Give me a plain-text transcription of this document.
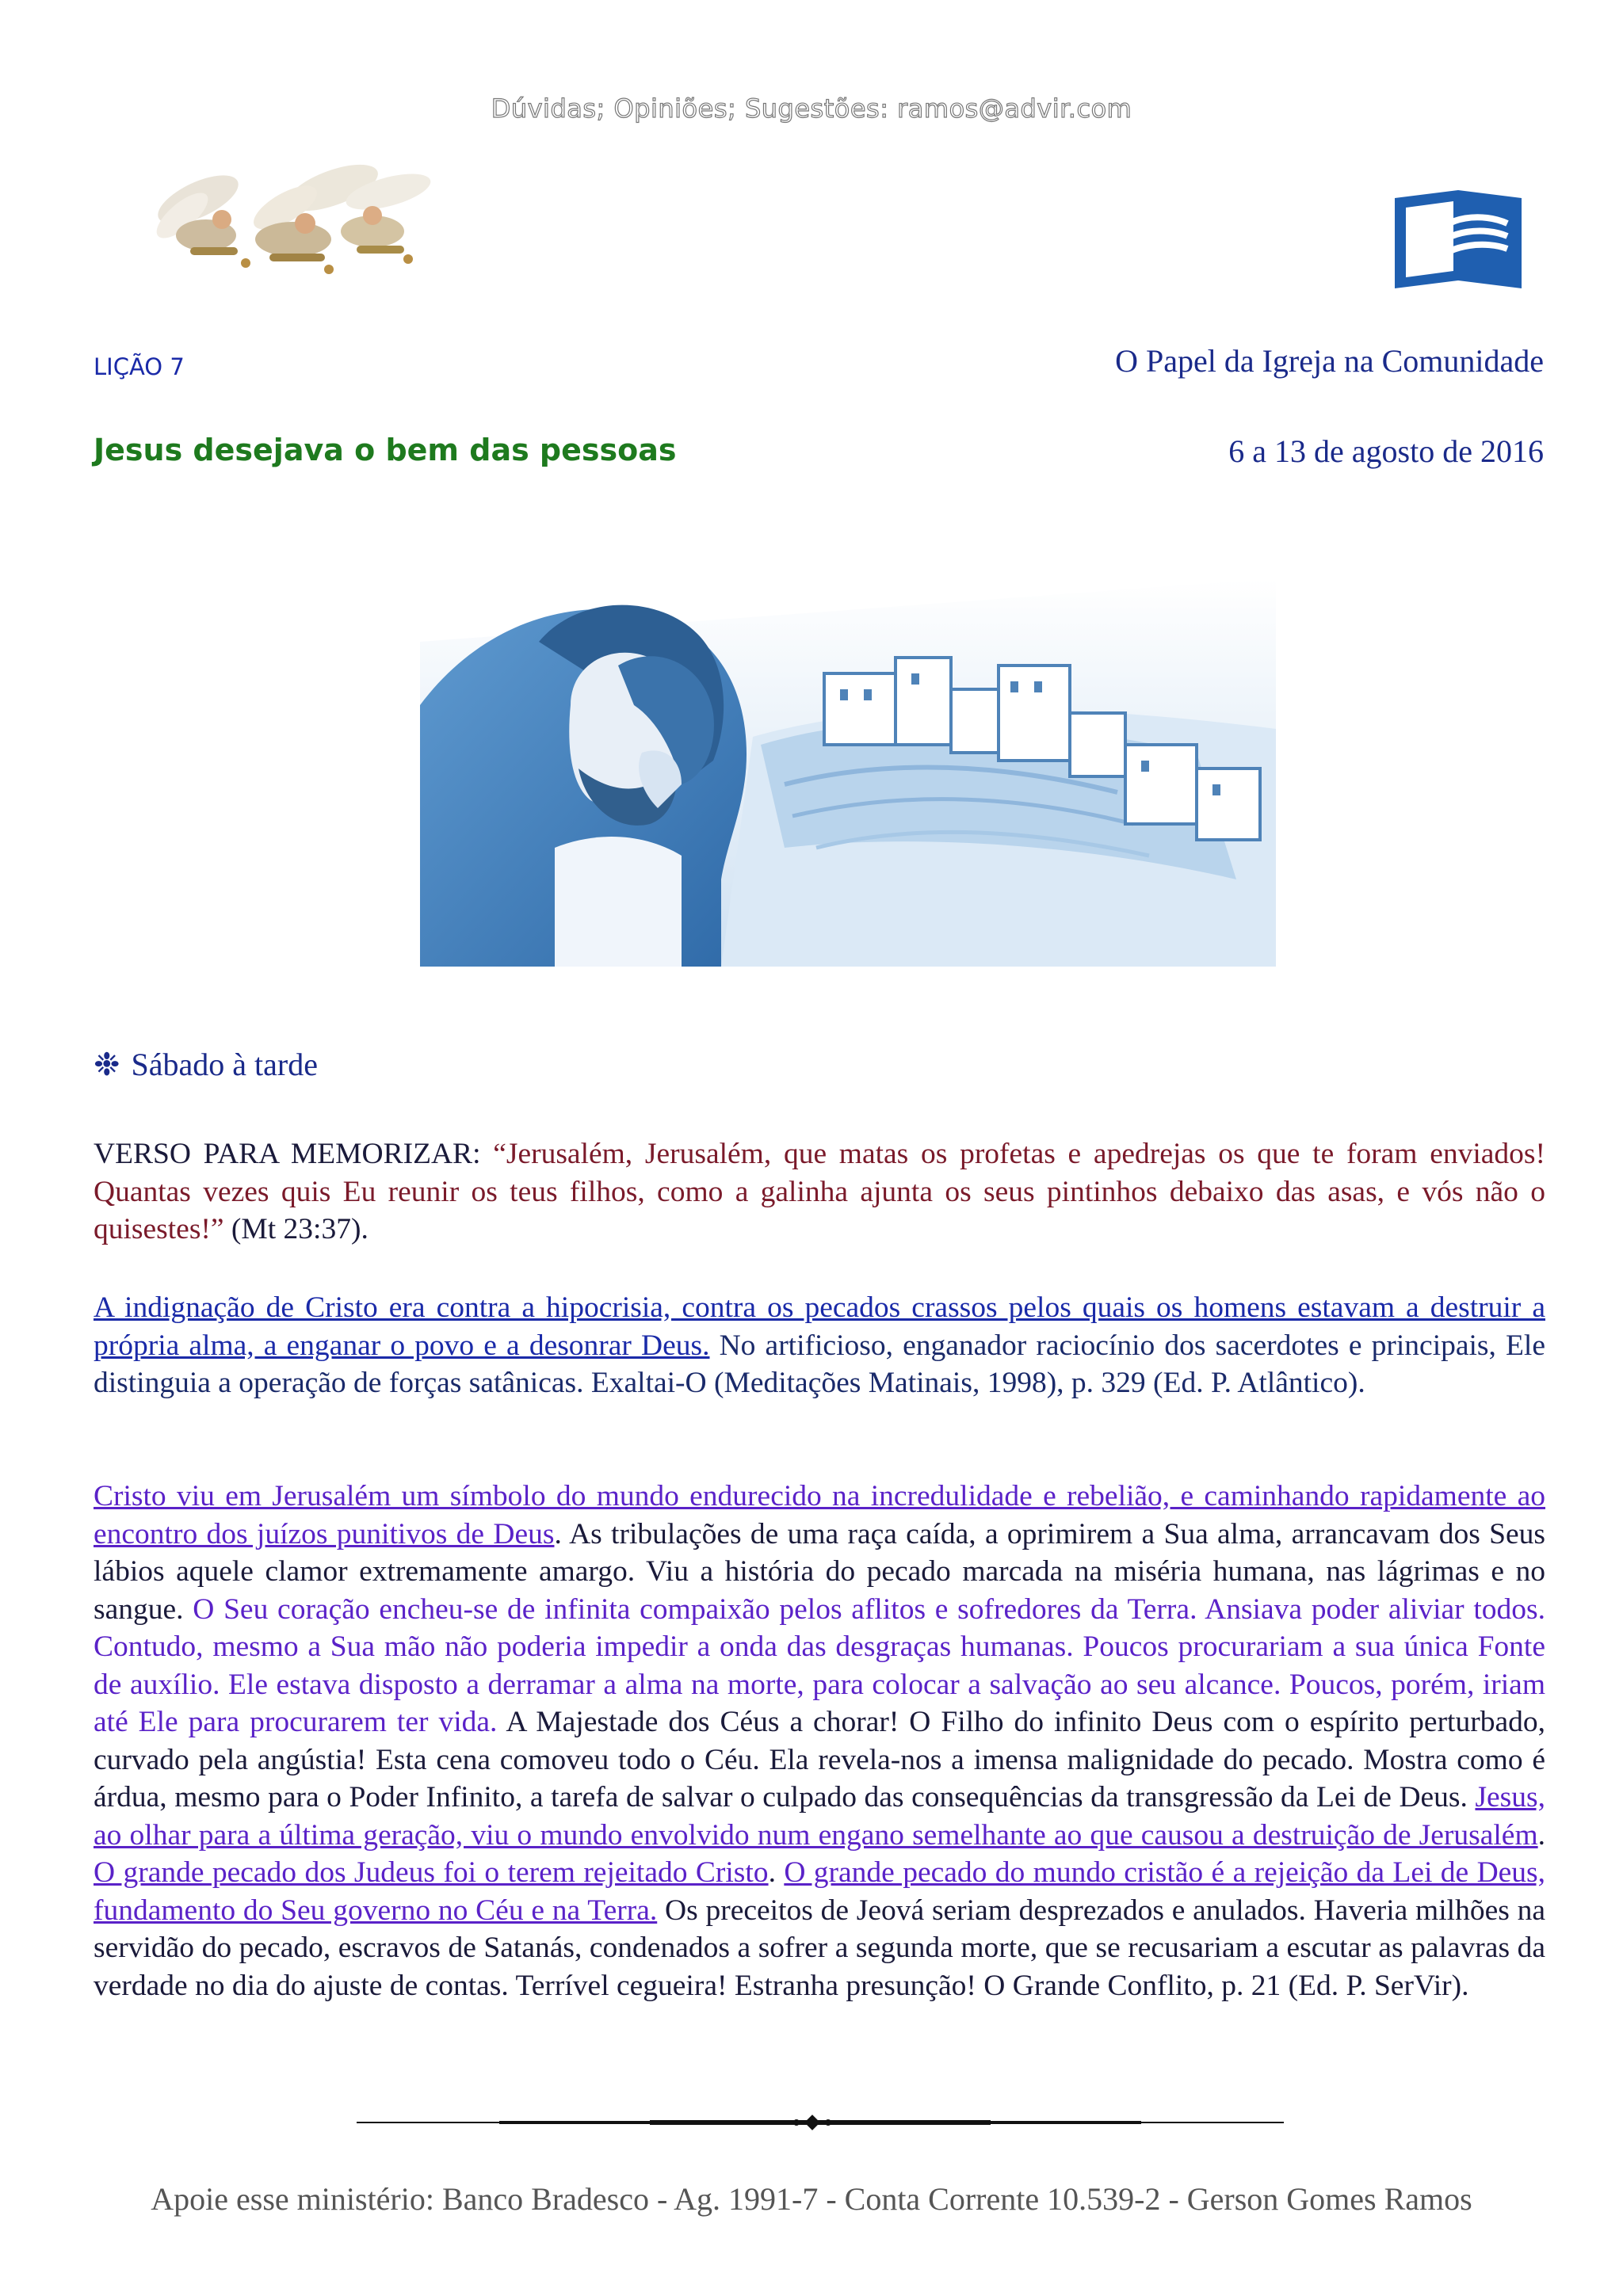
Dúvidas; Opiniões; Sugestões: ramos@advir.com
LIÇÃO 7	O Papel da Igreja na Comunidade
Jesus desejava o bem das pessoas	6 a 13 de agosto de 2016
❉ Sábado à tarde
VERSO PARA MEMORIZAR: “Jerusalém, Jerusalém, que matas os profetas e apedrejas os que te foram enviados! Quantas vezes quis Eu reunir os teus filhos, como a galinha ajunta os seus pintinhos debaixo das asas, e vós não o quisestes!” (Mt 23:37).
A indignação de Cristo era contra a hipocrisia, contra os pecados crassos pelos quais os homens estavam a destruir a própria alma, a enganar o povo e a desonrar Deus. No artificioso, enganador raciocínio dos sacerdotes e principais, Ele distinguia a operação de forças satânicas. Exaltai-O (Meditações Matinais, 1998), p. 329 (Ed. P. Atlântico).
Cristo viu em Jerusalém um símbolo do mundo endurecido na incredulidade e rebelião, e caminhando rapidamente ao encontro dos juízos punitivos de Deus. As tribulações de uma raça caída, a oprimirem a Sua alma, arrancavam dos Seus lábios aquele clamor extremamente amargo. Viu a história do pecado marcada na miséria humana, nas lágrimas e no sangue. O Seu coração encheu-se de infinita compaixão pelos aflitos e sofredores da Terra. Ansiava poder aliviar todos. Contudo, mesmo a Sua mão não poderia impedir a onda das desgraças humanas. Poucos procurariam a sua única Fonte de auxílio. Ele estava disposto a derramar a alma na morte, para colocar a salvação ao seu alcance. Poucos, porém, iriam até Ele para procurarem ter vida. A Majestade dos Céus a chorar! O Filho do infinito Deus com o espírito perturbado, curvado pela angústia! Esta cena comoveu todo o Céu. Ela revela-nos a imensa malignidade do pecado. Mostra como é árdua, mesmo para o Poder Infinito, a tarefa de salvar o culpado das consequências da transgressão da Lei de Deus. Jesus, ao olhar para a última geração, viu o mundo envolvido num engano semelhante ao que causou a destruição de Jerusalém. O grande pecado dos Judeus foi o terem rejeitado Cristo. O grande pecado do mundo cristão é a rejeição da Lei de Deus, fundamento do Seu governo no Céu e na Terra. Os preceitos de Jeová seriam desprezados e anulados. Haveria milhões na servidão do pecado, escravos de Satanás, condenados a sofrer a segunda morte, que se recusariam a escutar as palavras da verdade no dia do ajuste de contas. Terrível cegueira! Estranha presunção! O Grande Conflito, p. 21 (Ed. P. SerVir).
Apoie esse ministério: Banco Bradesco - Ag. 1991-7 - Conta Corrente 10.539-2 - Gerson Gomes Ramos
